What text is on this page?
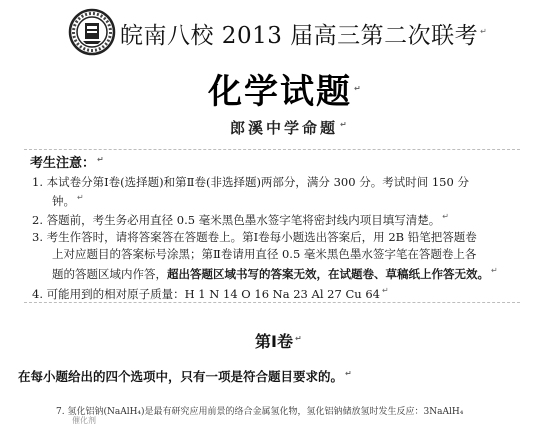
皖南八校 2013 届高三第二次联考 ↵
化学试题 ↵
郎溪中学命题 ↵
考生注意： ↵
1. 本试卷分第Ⅰ卷(选择题)和第Ⅱ卷(非选择题)两部分，满分 300 分。考试时间 150 分
钟。 ↵
2. 答题前，考生务必用直径 0.5 毫米黑色墨水签字笔将密封线内项目填写清楚。 ↵
3. 考生作答时，请将答案答在答题卷上。第Ⅰ卷每小题选出答案后，用 2B 铅笔把答题卷
上对应题目的答案标号涂黑；第Ⅱ卷请用直径 0.5 毫米黑色墨水签字笔在答题卷上各
题的答题区域内作答，超出答题区域书写的答案无效，在试题卷、草稿纸上作答无效。 ↵
4. 可能用到的相对原子质量：H 1 N 14 O 16 Na 23 Al 27 Cu 64 ↵
第Ⅰ卷 ↵
在每小题给出的四个选项中，只有一项是符合题目要求的。 ↵
7. 氢化铝钠(NaAlH₄)是最有研究应用前景的络合金属氢化物，氢化铝钠储放氢时发生反应：3NaAlH₄
催化剂
